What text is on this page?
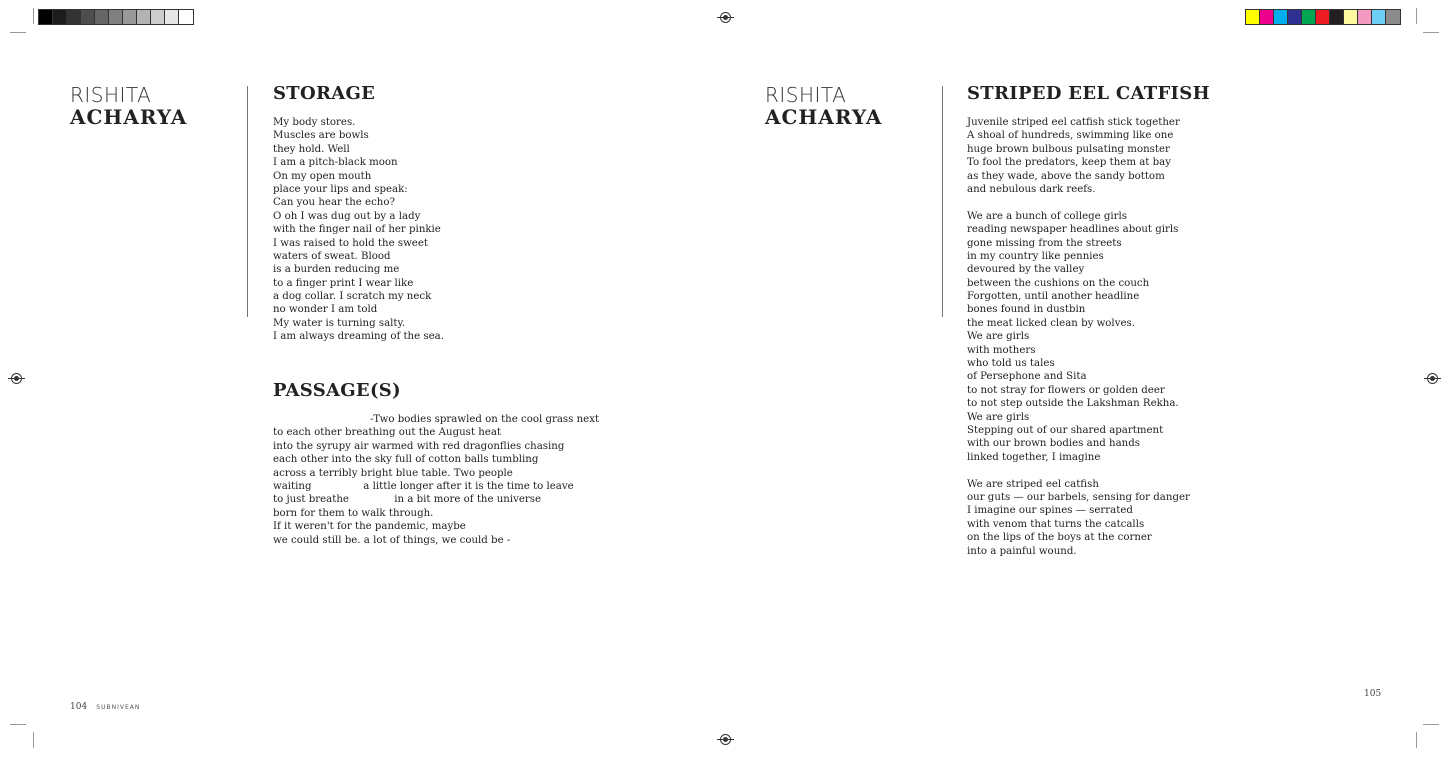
RISHITA
ACHARYA
STORAGE
My body stores.
Muscles are bowls
they hold. Well
I am a pitch-black moon
On my open mouth
place your lips and speak:
Can you hear the echo?
O oh I was dug out by a lady
with the finger nail of her pinkie
I was raised to hold the sweet
waters of sweat. Blood
is a burden reducing me
to a finger print I wear like
a dog collar. I scratch my neck
no wonder I am told
My water is turning salty.
I am always dreaming of the sea.
PASSAGE(S)
-Two bodies sprawled on the cool grass next
to each other breathing out the August heat
into the syrupy air warmed with red dragonflies chasing
each other into the sky full of cotton balls tumbling
across a terribly bright blue table. Two people
waiting                a little longer after it is the time to leave
to just breathe              in a bit more of the universe
born for them to walk through.
If it weren't for the pandemic, maybe
we could still be. a lot of things, we could be -
104 SUBNIVEAN
RISHITA
ACHARYA
STRIPED EEL CATFISH
Juvenile striped eel catfish stick together
A shoal of hundreds, swimming like one
huge brown bulbous pulsating monster
To fool the predators, keep them at bay
as they wade, above the sandy bottom
and nebulous dark reefs.
We are a bunch of college girls
reading newspaper headlines about girls
gone missing from the streets
in my country like pennies
devoured by the valley
between the cushions on the couch
Forgotten, until another headline
bones found in dustbin
the meat licked clean by wolves.
We are girls
with mothers
who told us tales
of Persephone and Sita
to not stray for flowers or golden deer
to not step outside the Lakshman Rekha.
We are girls
Stepping out of our shared apartment
with our brown bodies and hands
linked together, I imagine
We are striped eel catfish
our guts — our barbels, sensing for danger
I imagine our spines — serrated
with venom that turns the catcalls
on the lips of the boys at the corner
into a painful wound.
105
